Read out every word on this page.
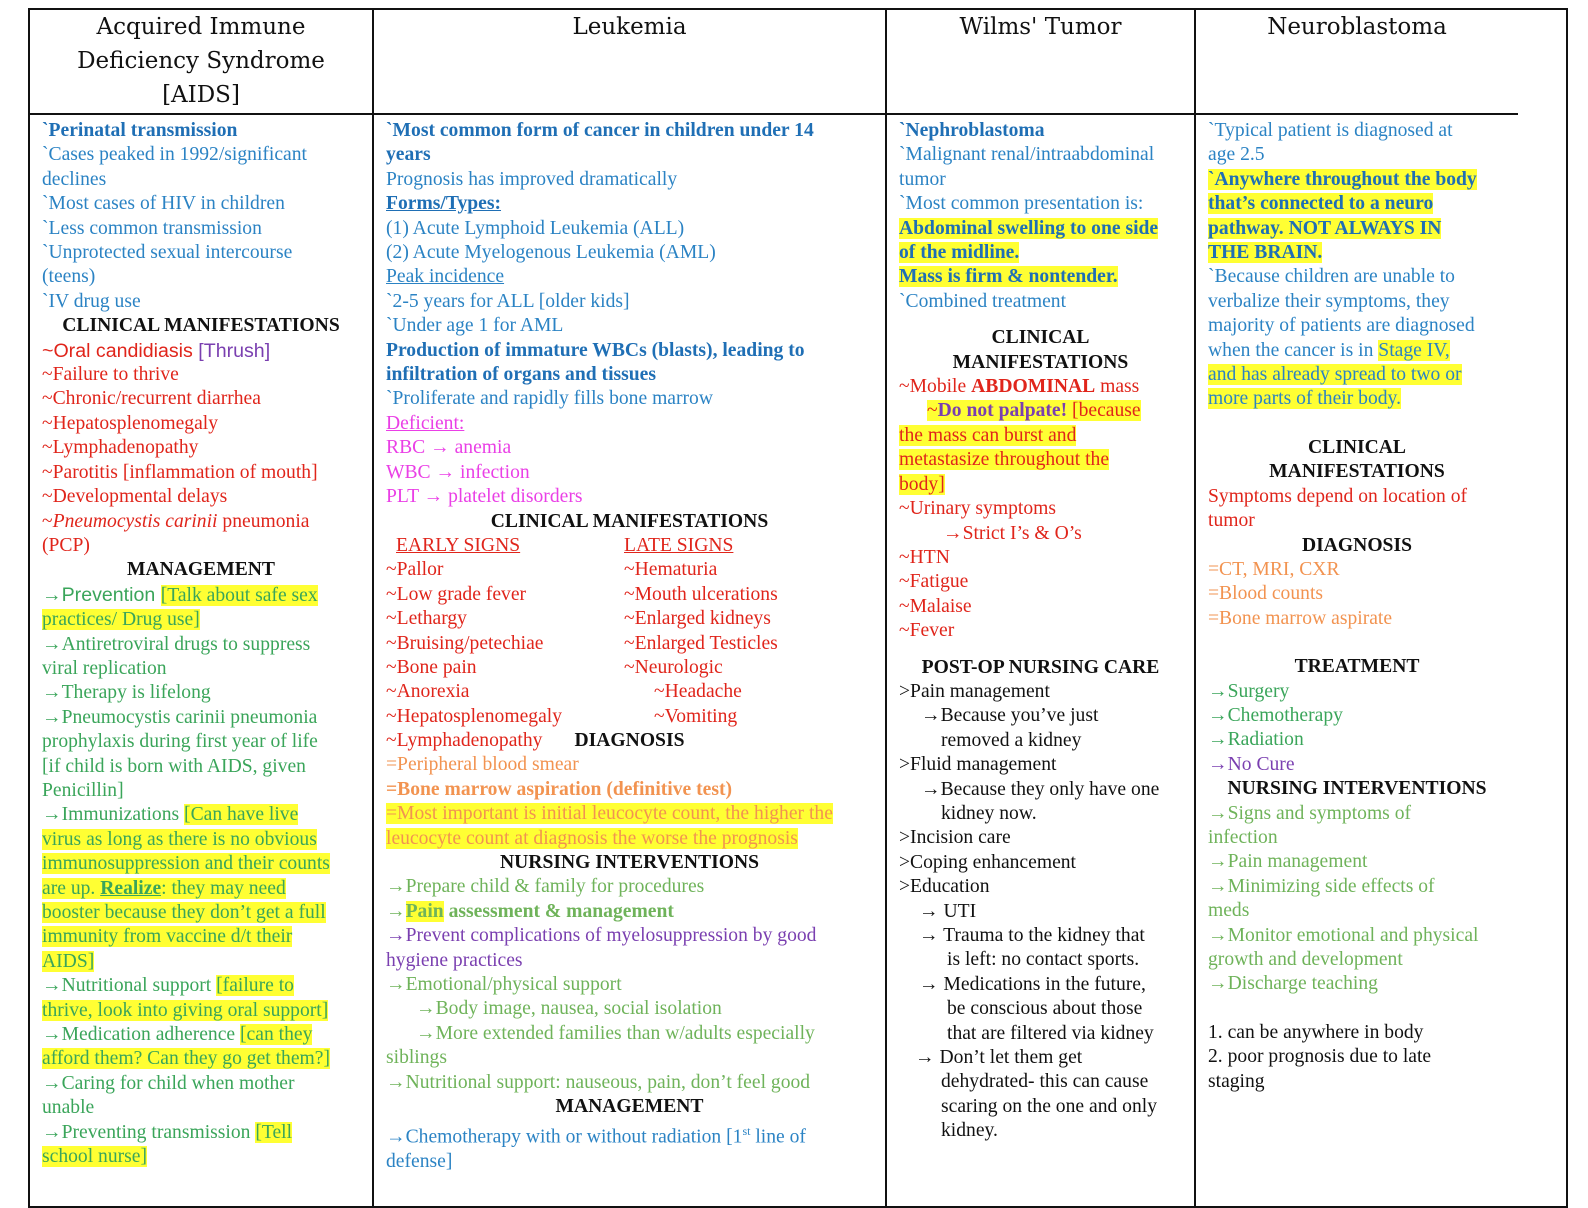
Acquired Immune
Deficiency Syndrome
[AIDS]
`Perinatal transmission
`Cases peaked in 1992/significant
declines
`Most cases of HIV in children
`Less common transmission
`Unprotected sexual intercourse
(teens)
`IV drug use
CLINICAL MANIFESTATIONS
~Oral candidiasis [Thrush]
~Failure to thrive
~Chronic/recurrent diarrhea
~Hepatosplenomegaly
~Lymphadenopathy
~Parotitis [inflammation of mouth]
~Developmental delays
~Pneumocystis carinii pneumonia
(PCP)
MANAGEMENT
→Prevention [Talk about safe sex
practices/ Drug use]
→Antiretroviral drugs to suppress
viral replication
→Therapy is lifelong
→Pneumocystis carinii pneumonia
prophylaxis during first year of life
[if child is born with AIDS, given
Penicillin]
→Immunizations [Can have live
virus as long as there is no obvious
immunosuppression and their counts
are up. Realize: they may need
booster because they don’t get a full
immunity from vaccine d/t their
AIDS]
→Nutritional support [failure to
thrive, look into giving oral support]
→Medication adherence [can they
afford them? Can they go get them?]
→Caring for child when mother
unable
→Preventing transmission [Tell
school nurse]
Leukemia
`Most common form of cancer in children under 14
years
Prognosis has improved dramatically
Forms/Types:
(1) Acute Lymphoid Leukemia (ALL)
(2) Acute Myelogenous Leukemia (AML)
Peak incidence
`2-5 years for ALL [older kids]
`Under age 1 for AML
Production of immature WBCs (blasts), leading to
infiltration of organs and tissues
`Proliferate and rapidly fills bone marrow
Deficient:
RBC → anemia
WBC → infection
PLT → platelet disorders
CLINICAL MANIFESTATIONS
EARLY SIGNS
~Pallor
~Low grade fever
~Lethargy
~Bruising/petechiae
~Bone pain
~Anorexia
~Hepatosplenomegaly
~Lymphadenopathy
LATE SIGNS
~Hematuria
~Mouth ulcerations
~Enlarged kidneys
~Enlarged Testicles
~Neurologic
~Headache
~Vomiting
DIAGNOSIS
=Peripheral blood smear
=Bone marrow aspiration (definitive test)
=Most important is initial leucocyte count, the higher the
leucocyte count at diagnosis the worse the prognosis
NURSING INTERVENTIONS
→Prepare child & family for procedures
→Pain assessment & management
→Prevent complications of myelosuppression by good
hygiene practices
→Emotional/physical support
→Body image, nausea, social isolation
→More extended families than w/adults especially
siblings
→Nutritional support: nauseous, pain, don’t feel good
MANAGEMENT
→Chemotherapy with or without radiation [1st line of
defense]
Wilms' Tumor
`Nephroblastoma
`Malignant renal/intraabdominal
tumor
`Most common presentation is:
Abdominal swelling to one side
of the midline.
Mass is firm & nontender.
`Combined treatment
CLINICAL
MANIFESTATIONS
~Mobile ABDOMINAL mass
~Do not palpate! [because
the mass can burst and
metastasize throughout the
body]
~Urinary symptoms
→Strict I’s & O’s
~HTN
~Fatigue
~Malaise
~Fever
POST-OP NURSING CARE
>Pain management
→Because you’ve just
removed a kidney
>Fluid management
→Because they only have one
kidney now.
>Incision care
>Coping enhancement
>Education
→ UTI
→ Trauma to the kidney that
is left: no contact sports.
→ Medications in the future,
be conscious about those
that are filtered via kidney
→ Don’t let them get
dehydrated- this can cause
scaring on the one and only
kidney.
Neuroblastoma
`Typical patient is diagnosed at
age 2.5
`Anywhere throughout the body
that’s connected to a neuro
pathway. NOT ALWAYS IN
THE BRAIN.
`Because children are unable to
verbalize their symptoms, they
majority of patients are diagnosed
when the cancer is in Stage IV,
and has already spread to two or
more parts of their body.
CLINICAL
MANIFESTATIONS
Symptoms depend on location of
tumor
DIAGNOSIS
=CT, MRI, CXR
=Blood counts
=Bone marrow aspirate
TREATMENT
→Surgery
→Chemotherapy
→Radiation
→No Cure
NURSING INTERVENTIONS
→Signs and symptoms of
infection
→Pain management
→Minimizing side effects of
meds
→Monitor emotional and physical
growth and development
→Discharge teaching
1. can be anywhere in body
2. poor prognosis due to late
staging
